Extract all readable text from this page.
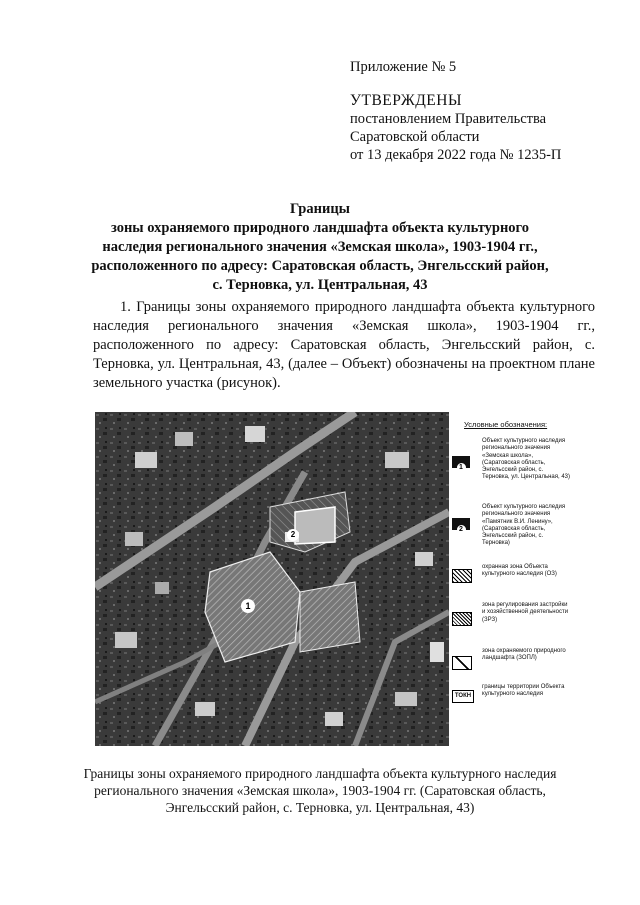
Приложение № 5
УТВЕРЖДЕНЫ
постановлением Правительства
Саратовской области
от 13 декабря 2022 года № 1235-П
Границы
зоны охраняемого природного ландшафта объекта культурного
наследия регионального значения «Земская школа», 1903-1904 гг.,
расположенного по адресу: Саратовская область, Энгельсский район,
с. Терновка, ул. Центральная, 43
1. Границы зоны охраняемого природного ландшафта объекта культурного наследия регионального значения «Земская школа», 1903-1904 гг., расположенного по адресу: Саратовская область, Энгельсский район, с. Терновка, ул. Центральная, 43, (далее – Объект) обозначены на проектном плане земельного участка (рисунок).
1
2
Условные обозначения:
1
Объект культурного наследия регионального значения «Земская школа», (Саратовская область, Энгельсский район, с. Терновка, ул. Центральная, 43)
2
Объект культурного наследия регионального значения «Памятник В.И. Ленину», (Саратовская область, Энгельсский район, с. Терновка)
охранная зона Объекта культурного наследия (ОЗ)
зона регулирования застройки и хозяйственной деятельности (ЗРЗ)
зона охраняемого природного ландшафта (ЗОПЛ)
ТОКН
границы территории Объекта культурного наследия
Границы зоны охраняемого природного ландшафта объекта культурного наследия
регионального значения «Земская школа», 1903-1904 гг. (Саратовская область,
Энгельсский район, с. Терновка, ул. Центральная, 43)
